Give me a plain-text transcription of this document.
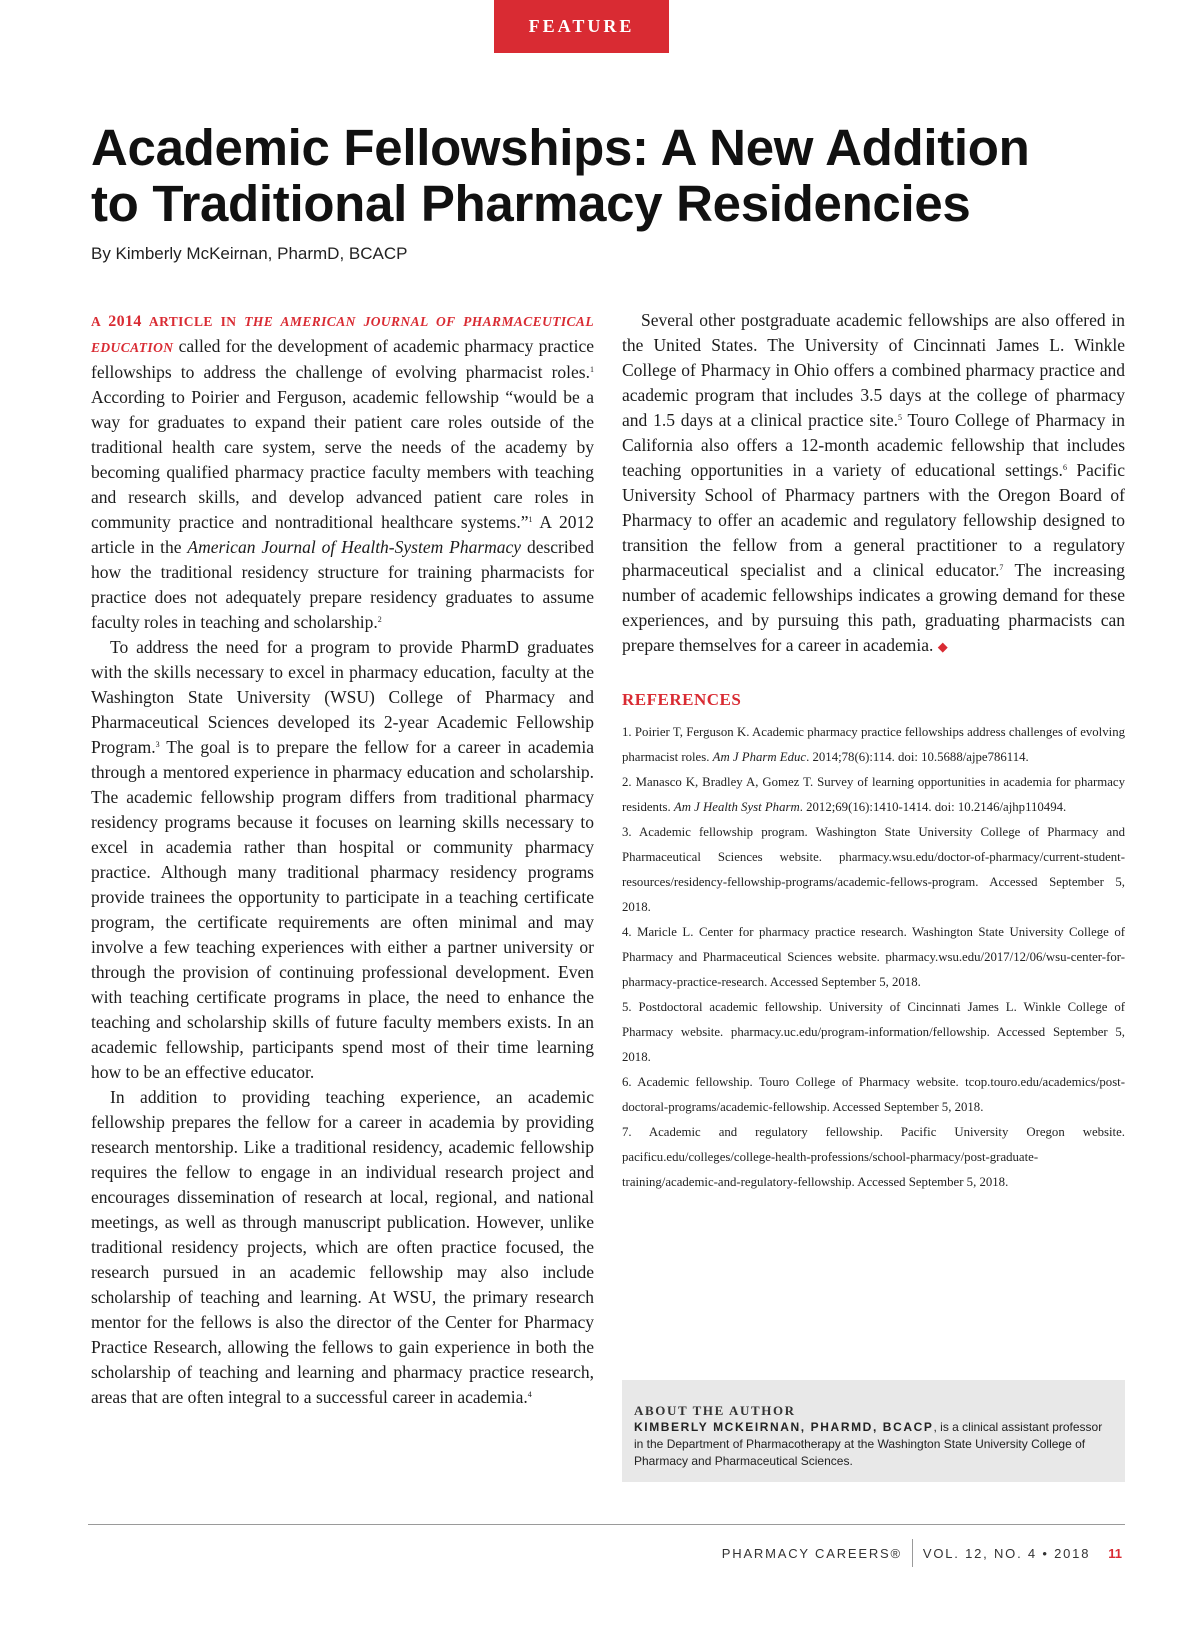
FEATURE
Academic Fellowships: A New Addition
to Traditional Pharmacy Residencies
By Kimberly McKeirnan, PharmD, BCACP

A 2014 ARTICLE IN THE AMERICAN JOURNAL OF PHARMACEUTICAL EDUCATION called for the development of academic pharmacy practice fellowships to address the challenge of evolving pharmacist roles.$^1$ According to Poirier and Ferguson, academic fellowship “would be a way for graduates to expand their patient care roles outside of the traditional health care system, serve the needs of the academy by becoming qualified pharmacy practice faculty members with teaching and research skills, and develop advanced patient care roles in community practice and nontraditional healthcare systems.”$^1$ A 2012 article in the American Journal of Health-System Pharmacy described how the traditional residency structure for training pharmacists for practice does not adequately prepare residency graduates to assume faculty roles in teaching and scholarship.$^2$

To address the need for a program to provide PharmD graduates with the skills necessary to excel in pharmacy education, faculty at the Washington State University (WSU) College of Pharmacy and Pharmaceutical Sciences developed its 2-year Academic Fellowship Program.$^3$ The goal is to prepare the fellow for a career in academia through a mentored experience in pharmacy education and scholarship. The academic fellowship program differs from traditional pharmacy residency programs because it focuses on learning skills necessary to excel in academia rather than hospital or community pharmacy practice. Although many traditional pharmacy residency programs provide trainees the opportunity to participate in a teaching certificate program, the certificate requirements are often minimal and may involve a few teaching experiences with either a partner university or through the provision of continuing professional development. Even with teaching certificate programs in place, the need to enhance the teaching and scholarship skills of future faculty members exists. In an academic fellowship, participants spend most of their time learning how to be an effective educator.

In addition to providing teaching experience, an academic fellowship prepares the fellow for a career in academia by providing research mentorship. Like a traditional residency, academic fellowship requires the fellow to engage in an individual research project and encourages dissemination of research at local, regional, and national meetings, as well as through manuscript publication. However, unlike traditional residency projects, which are often practice focused, the research pursued in an academic fellowship may also include scholarship of teaching and learning. At WSU, the primary research mentor for the fellows is also the director of the Center for Pharmacy Practice Research, allowing the fellows to gain experience in both the scholarship of teaching and learning and pharmacy practice research, areas that are often integral to a successful career in academia.$^4$

Several other postgraduate academic fellowships are also offered in the United States. The University of Cincinnati James L. Winkle College of Pharmacy in Ohio offers a combined pharmacy practice and academic program that includes 3.5 days at the college of pharmacy and 1.5 days at a clinical practice site.$^5$ Touro College of Pharmacy in California also offers a 12-month academic fellowship that includes teaching opportunities in a variety of educational settings.$^6$ Pacific University School of Pharmacy partners with the Oregon Board of Pharmacy to offer an academic and regulatory fellowship designed to transition the fellow from a general practitioner to a regulatory pharmaceutical specialist and a clinical educator.$^7$ The increasing number of academic fellowships indicates a growing demand for these experiences, and by pursuing this path, graduating pharmacists can prepare themselves for a career in academia. ◆

REFERENCES
1. Poirier T, Ferguson K. Academic pharmacy practice fellowships address challenges of evolving pharmacist roles. Am J Pharm Educ. 2014;78(6):114. doi: 10.5688/ajpe786114.
2. Manasco K, Bradley A, Gomez T. Survey of learning opportunities in academia for pharmacy residents. Am J Health Syst Pharm. 2012;69(16):1410-1414. doi: 10.2146/ajhp110494.
3. Academic fellowship program. Washington State University College of Pharmacy and Pharmaceutical Sciences website. pharmacy.wsu.edu/doctor-of-pharmacy/current-student-resources/residency-fellowship-programs/academic-fellows-program. Accessed September 5, 2018.
4. Maricle L. Center for pharmacy practice research. Washington State University College of Pharmacy and Pharmaceutical Sciences website. pharmacy.wsu.edu/2017/12/06/wsu-center-for-pharmacy-practice-research. Accessed September 5, 2018.
5. Postdoctoral academic fellowship. University of Cincinnati James L. Winkle College of Pharmacy website. pharmacy.uc.edu/program-information/fellowship. Accessed September 5, 2018.
6. Academic fellowship. Touro College of Pharmacy website. tcop.touro.edu/academics/post-doctoral-programs/academic-fellowship. Accessed September 5, 2018.
7. Academic and regulatory fellowship. Pacific University Oregon website. pacificu.edu/colleges/college-health-professions/school-pharmacy/post-graduate-training/academic-and-regulatory-fellowship. Accessed September 5, 2018.
ABOUT THE AUTHOR
KIMBERLY MCKEIRNAN, PHARMD, BCACP, is a clinical assistant professor in the Department of Pharmacotherapy at the Washington State University College of Pharmacy and Pharmaceutical Sciences.
PHARMACY CAREERS® VOL. 12, NO. 4 • 2018 11
